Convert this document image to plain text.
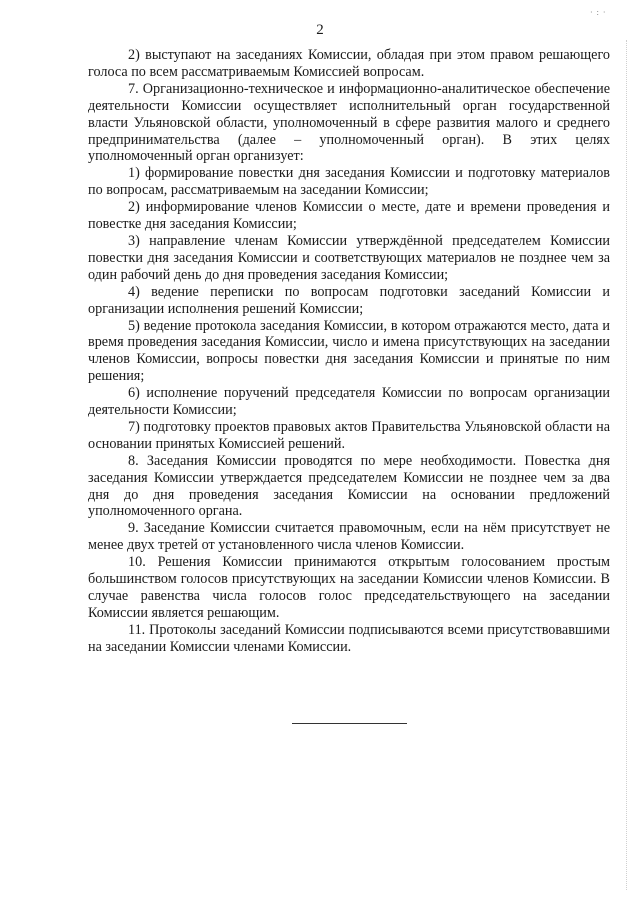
2
· : ·

2) выступают на заседаниях Комиссии, обладая при этом правом решающего голоса по всем рассматриваемым Комиссией вопросам.

7. Организационно-техническое и информационно-аналитическое обеспечение деятельности Комиссии осуществляет исполнительный орган государственной власти Ульяновской области, уполномоченный в сфере развития малого и среднего предпринимательства (далее – уполномоченный орган). В этих целях уполномоченный орган организует:

1) формирование повестки дня заседания Комиссии и подготовку материалов по вопросам, рассматриваемым на заседании Комиссии;

2) информирование членов Комиссии о месте, дате и времени проведения и повестке дня заседания Комиссии;

3) направление членам Комиссии утверждённой председателем Комиссии повестки дня заседания Комиссии и соответствующих материалов не позднее чем за один рабочий день до дня проведения заседания Комиссии;

4) ведение переписки по вопросам подготовки заседаний Комиссии и организации исполнения решений Комиссии;

5) ведение протокола заседания Комиссии, в котором отражаются место, дата и время проведения заседания Комиссии, число и имена присутствующих на заседании членов Комиссии, вопросы повестки дня заседания Комиссии и принятые по ним решения;

6) исполнение поручений председателя Комиссии по вопросам организации деятельности Комиссии;

7) подготовку проектов правовых актов Правительства Ульяновской области на основании принятых Комиссией решений.

8. Заседания Комиссии проводятся по мере необходимости. Повестка дня заседания Комиссии утверждается председателем Комиссии не позднее чем за два дня до дня проведения заседания Комиссии на основании предложений уполномоченного органа.

9. Заседание Комиссии считается правомочным, если на нём присутствует не менее двух третей от установленного числа членов Комиссии.

10. Решения Комиссии принимаются открытым голосованием простым большинством голосов присутствующих на заседании Комиссии членов Комиссии. В случае равенства числа голосов голос председательствующего на заседании Комиссии является решающим.

11. Протоколы заседаний Комиссии подписываются всеми присутствовавшими на заседании Комиссии членами Комиссии.
